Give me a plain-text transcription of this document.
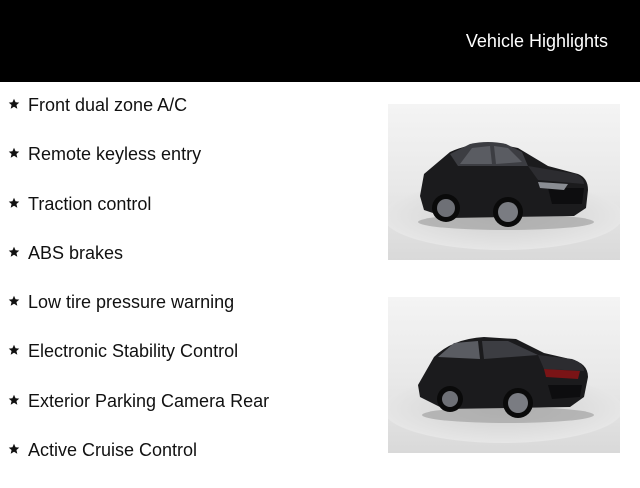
Vehicle Highlights
Front dual zone A/C
Remote keyless entry
Traction control
ABS brakes
Low tire pressure warning
Electronic Stability Control
Exterior Parking Camera Rear
Active Cruise Control
